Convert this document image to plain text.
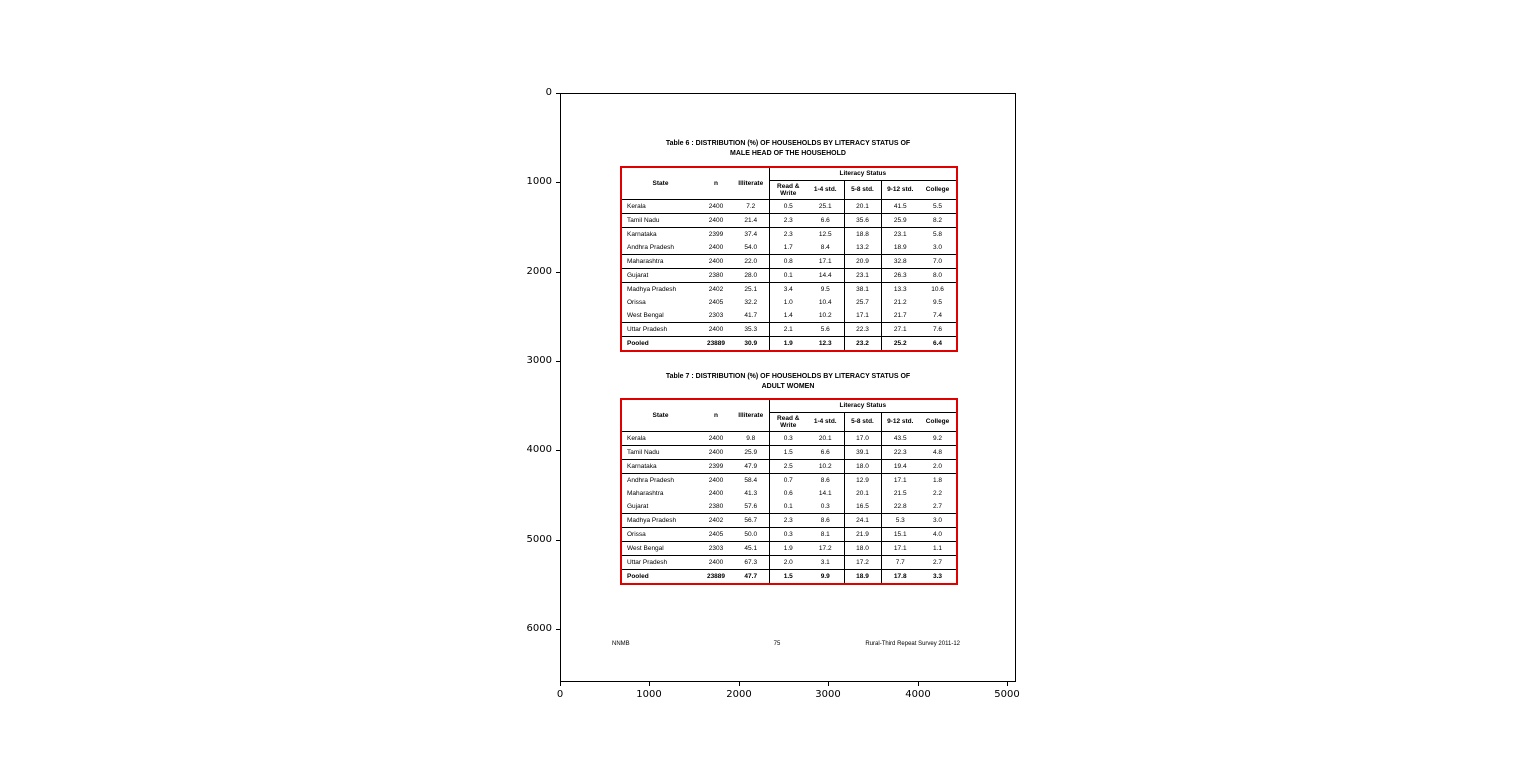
0
1000
2000
3000
4000
5000
6000
0	1000	2000	3000	4000	5000
Table 6 : DISTRIBUTION (%) OF HOUSEHOLDS BY LITERACY STATUS OF
MALE HEAD OF THE HOUSEHOLD
State	n	Illiterate	Literacy Status				
			Read & Write	1-4 std.	5-8 std.	9-12 std.	College
Kerala	2400	7.2	0.5	25.1	20.1	41.5	5.5
Tamil Nadu	2400	21.4	2.3	6.6	35.6	25.9	8.2
Karnataka	2399	37.4	2.3	12.5	18.8	23.1	5.8
Andhra Pradesh	2400	54.0	1.7	8.4	13.2	18.9	3.0
Maharashtra	2400	22.0	0.8	17.1	20.9	32.8	7.0
Gujarat	2380	28.0	0.1	14.4	23.1	26.3	8.0
Madhya Pradesh	2402	25.1	3.4	9.5	38.1	13.3	10.6
Orissa	2405	32.2	1.0	10.4	25.7	21.2	9.5
West Bengal	2303	41.7	1.4	10.2	17.1	21.7	7.4
Uttar Pradesh	2400	35.3	2.1	5.6	22.3	27.1	7.6
Pooled	23889	30.9	1.9	12.3	23.2	25.2	6.4
Table 7 : DISTRIBUTION (%) OF HOUSEHOLDS BY LITERACY STATUS OF
ADULT WOMEN
State	n	Illiterate	Literacy Status				
			Read & Write	1-4 std.	5-8 std.	9-12 std.	College
Kerala	2400	9.8	0.3	20.1	17.0	43.5	9.2
Tamil Nadu	2400	25.9	1.5	6.6	39.1	22.3	4.8
Karnataka	2399	47.9	2.5	10.2	18.0	19.4	2.0
Andhra Pradesh	2400	58.4	0.7	8.6	12.9	17.1	1.8
Maharashtra	2400	41.3	0.6	14.1	20.1	21.5	2.2
Gujarat	2380	57.6	0.1	0.3	16.5	22.8	2.7
Madhya Pradesh	2402	56.7	2.3	8.6	24.1	5.3	3.0
Orissa	2405	50.0	0.3	8.1	21.9	15.1	4.0
West Bengal	2303	45.1	1.9	17.2	18.0	17.1	1.1
Uttar Pradesh	2400	67.3	2.0	3.1	17.2	7.7	2.7
Pooled	23889	47.7	1.5	9.9	18.9	17.8	3.3
NNMB	75	Rural-Third Repeat Survey 2011-12
